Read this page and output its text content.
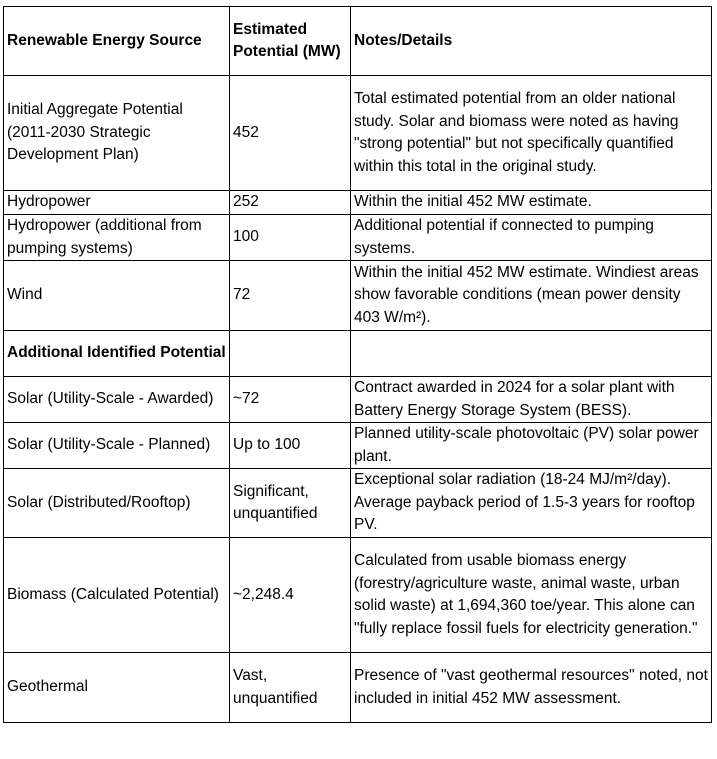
Renewable Energy Source	Estimated Potential (MW)	Notes/Details
Initial Aggregate Potential (2011-2030 Strategic Development Plan)	452	Total estimated potential from an older national study. Solar and biomass were noted as having "strong potential" but not specifically quantified within this total in the original study.
Hydropower	252	Within the initial 452 MW estimate.
Hydropower (additional from pumping systems)	100	Additional potential if connected to pumping systems.
Wind	72	Within the initial 452 MW estimate. Windiest areas show favorable conditions (mean power density 403 W/m²).
Additional Identified Potential		
Solar (Utility-Scale - Awarded)	~72	Contract awarded in 2024 for a solar plant with Battery Energy Storage System (BESS).
Solar (Utility-Scale - Planned)	Up to 100	Planned utility-scale photovoltaic (PV) solar power plant.
Solar (Distributed/Rooftop)	Significant, unquantified	Exceptional solar radiation (18-24 MJ/m²/day). Average payback period of 1.5-3 years for rooftop PV.
Biomass (Calculated Potential)	~2,248.4	Calculated from usable biomass energy (forestry/agriculture waste, animal waste, urban solid waste) at 1,694,360 toe/year. This alone can "fully replace fossil fuels for electricity generation."
Geothermal	Vast, unquantified	Presence of "vast geothermal resources" noted, not included in initial 452 MW assessment.
